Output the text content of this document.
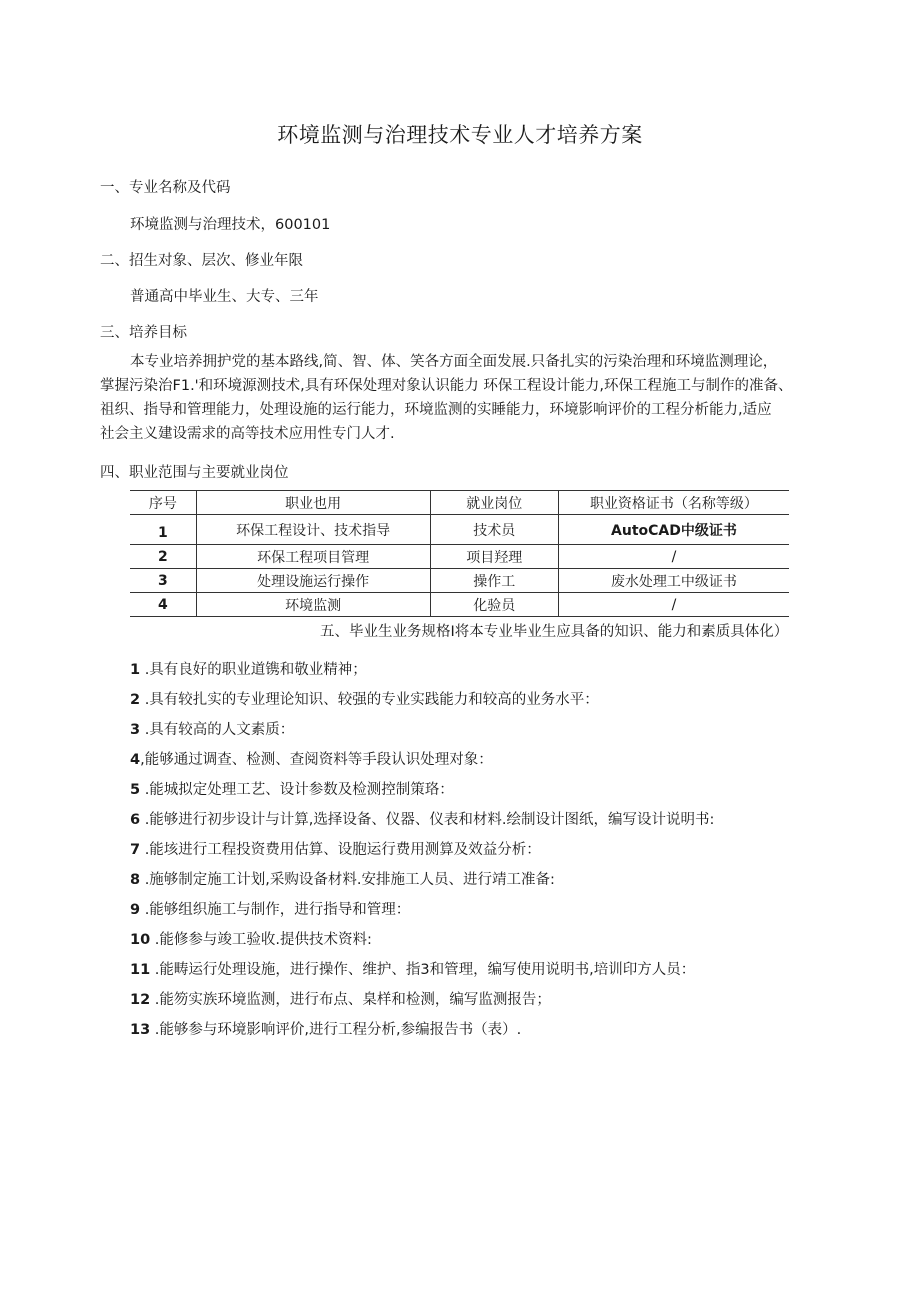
环境监测与治理技术专业人才培养方案
一、专业名称及代码
环境监测与治理技术，600101
二、招生对象、层次、修业年限
普通高中毕业生、大专、三年
三、培养目标
本专业培养拥护党的基本路线,简、智、体、笑各方面全面发展.只备扎实的污染治理和环境监测理论，
掌握污染治F1.'和环境源测技术,具有环保处理对象认识能力 环保工程设计能力,环保工程施工与制作的准备、
祖织、指导和管理能力，处理设施的运行能力，环境监测的实睡能力，环境影响评价的工程分析能力,适应
社会主义建设需求的高等技术应用性专门人才.
四、职业范围与主要就业岗位
序号	职业也用	就业岗位	职业资格证书（名称等级）
1	环保工程设计、技术指导	技术员	AutoCAD中级证书
2	环保工程项目管理	项目羟理	/
3	处理设施运行操作	操作工	废水处理工中级证书
4	环境监测	化验员	/
五、毕业生业务规格I将本专业毕业生应具备的知识、能力和素质具体化）
1 .具有良好的职业道镌和敬业精神；
2 .具有较扎实的专业理论知识、较强的专业实践能力和较高的业务水平：
3 .具有较高的人文素质：
4,能够通过调查、检测、查阅资料等手段认识处理对象：
5 .能城拟定处理工艺、设计参数及检测控制策珞：
6 .能够进行初步设计与计算,选择设备、仪器、仪表和材料.绘制设计图纸，编写设计说明书:
7 .能垓进行工程投资费用估算、设胞运行费用测算及效益分析：
8 .施够制定施工计划,采购设备材料.安排施工人员、进行靖工准备:
9 .能够组织施工与制作，进行指导和管理：
10 .能修参与竣工验收.提供技术资料:
11 .能畴运行处理设施，进行操作、维护、指3和管理，编写使用说明书,培训印方人员：
12 .能笏实族环境监测，进行布点、臬样和检测，编写监测报告；
13 .能够参与环境影响评价,进行工程分析,参编报告书（表）.
